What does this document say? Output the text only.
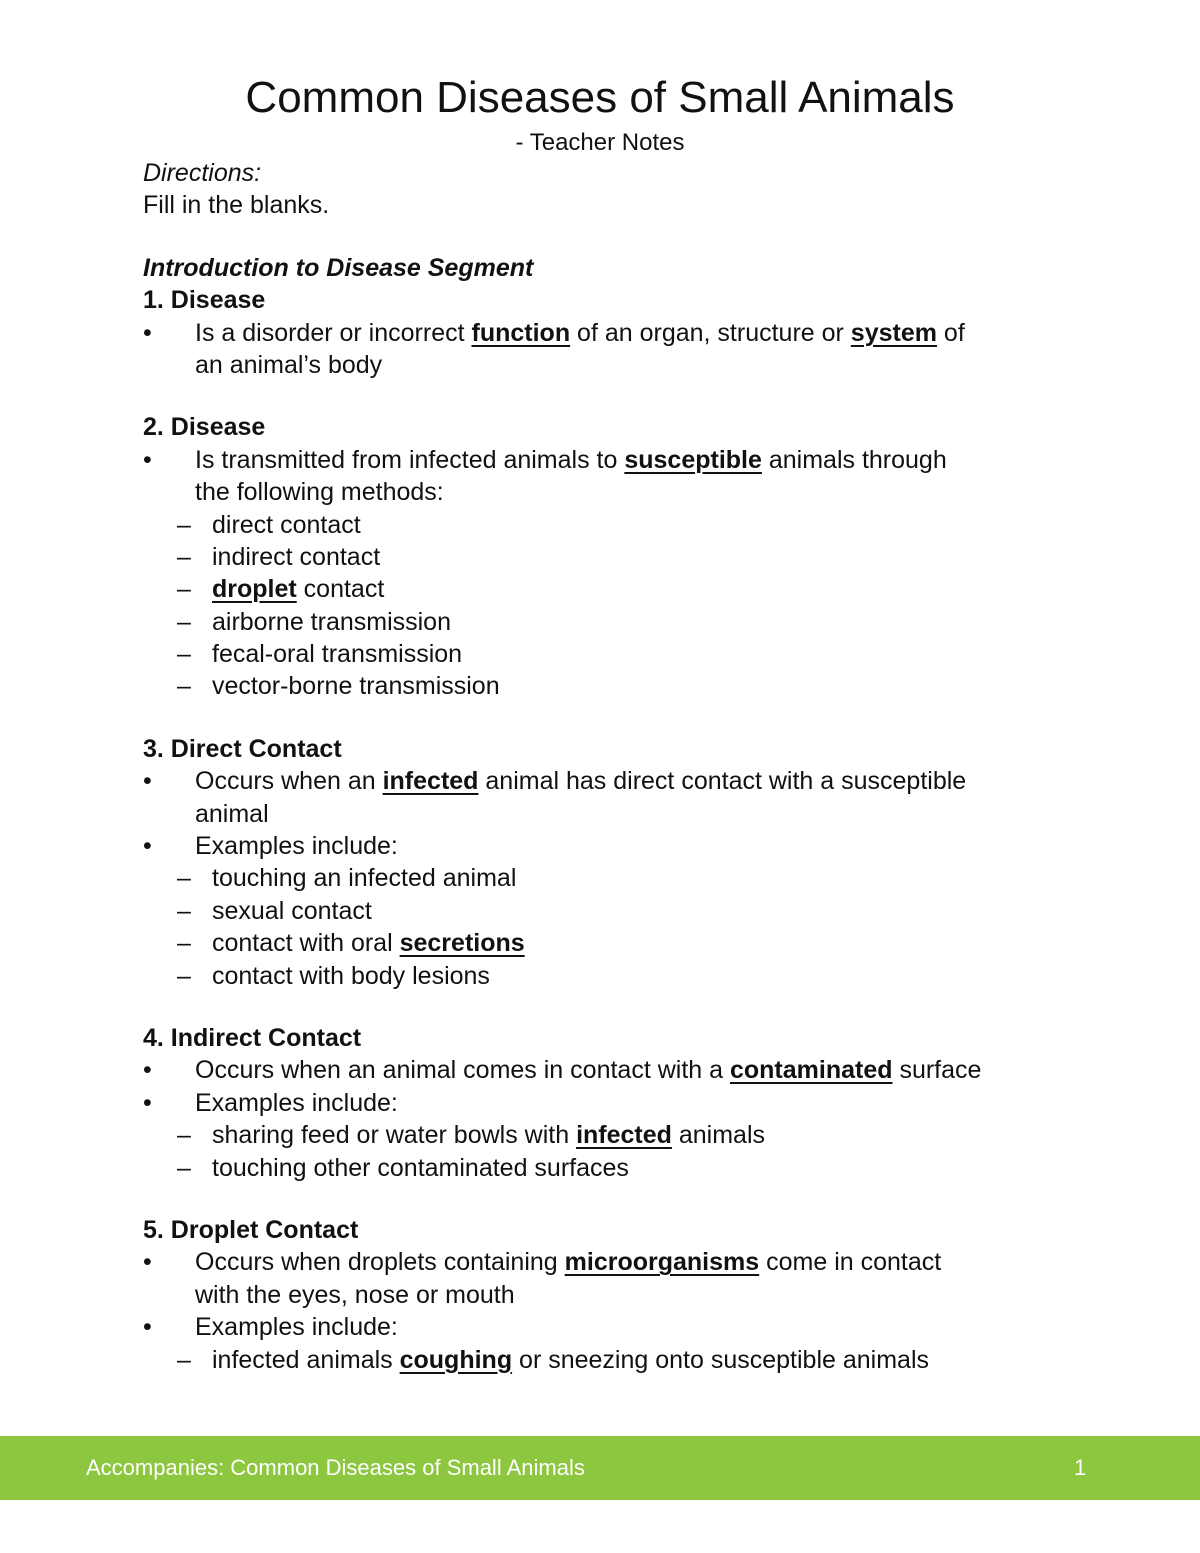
Common Diseases of Small Animals
- Teacher Notes
Directions:
Fill in the blanks.
Introduction to Disease Segment
1. Disease
• Is a disorder or incorrect function of an organ, structure or system of
an animal’s body
2. Disease
• Is transmitted from infected animals to susceptible animals through
the following methods:
– direct contact
– indirect contact
– droplet contact
– airborne transmission
– fecal-oral transmission
– vector-borne transmission
3. Direct Contact
• Occurs when an infected animal has direct contact with a susceptible
animal
• Examples include:
– touching an infected animal
– sexual contact
– contact with oral secretions
– contact with body lesions
4. Indirect Contact
• Occurs when an animal comes in contact with a contaminated surface
• Examples include:
– sharing feed or water bowls with infected animals
– touching other contaminated surfaces
5. Droplet Contact
• Occurs when droplets containing microorganisms come in contact
with the eyes, nose or mouth
• Examples include:
– infected animals coughing or sneezing onto susceptible animals
Accompanies: Common Diseases of Small Animals	1
